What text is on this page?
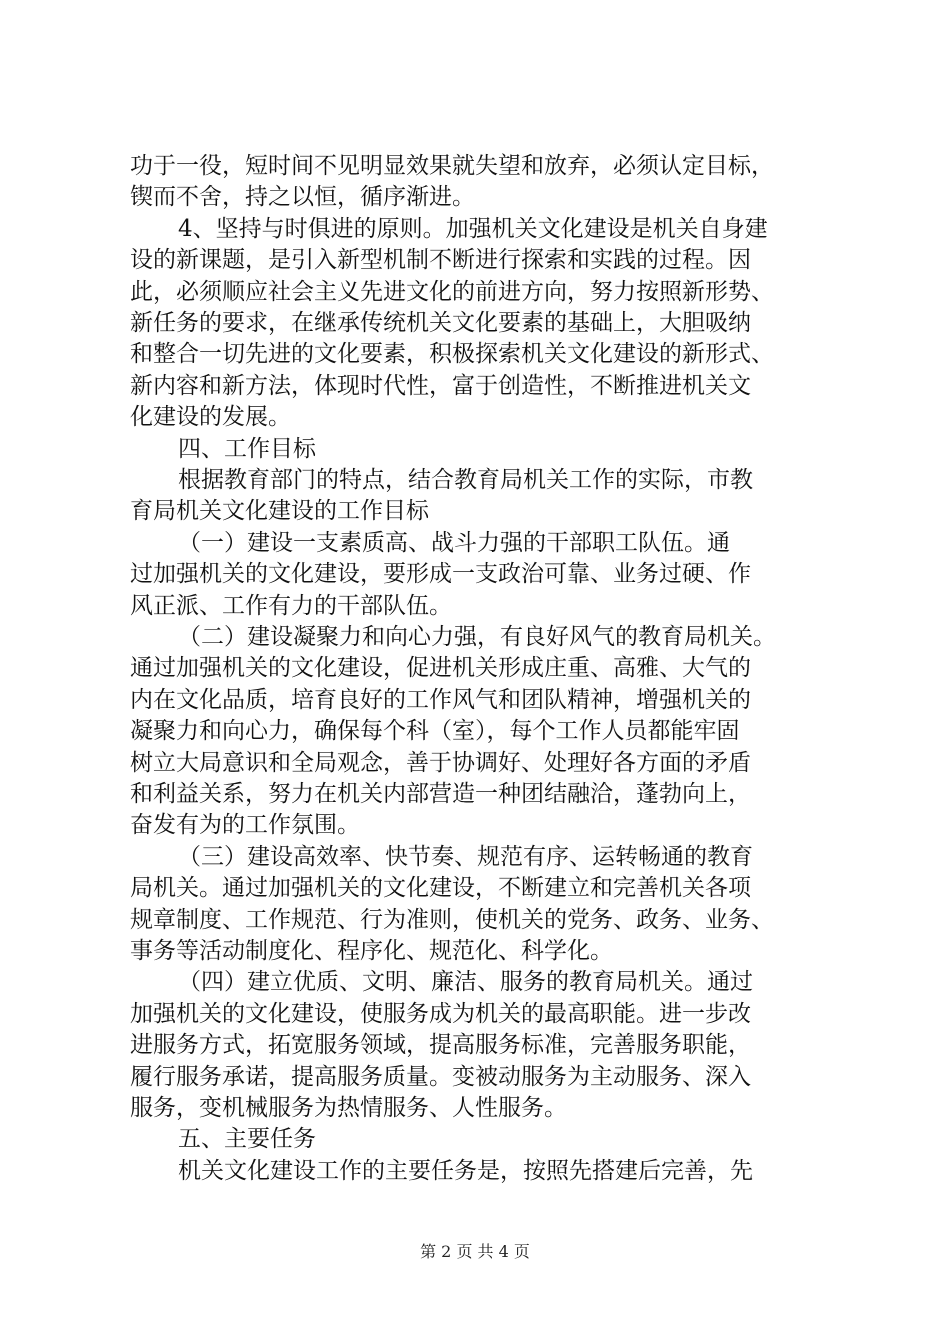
功于一役，短时间不见明显效果就失望和放弃，必须认定目标，
锲而不舍，持之以恒，循序渐进。
4、坚持与时俱进的原则。加强机关文化建设是机关自身建
设的新课题，是引入新型机制不断进行探索和实践的过程。因
此，必须顺应社会主义先进文化的前进方向，努力按照新形势、
新任务的要求，在继承传统机关文化要素的基础上，大胆吸纳
和整合一切先进的文化要素，积极探索机关文化建设的新形式、
新内容和新方法，体现时代性，富于创造性，不断推进机关文
化建设的发展。
四、工作目标
根据教育部门的特点，结合教育局机关工作的实际，市教
育局机关文化建设的工作目标
（一）建设一支素质高、战斗力强的干部职工队伍。通
过加强机关的文化建设，要形成一支政治可靠、业务过硬、作
风正派、工作有力的干部队伍。
（二）建设凝聚力和向心力强，有良好风气的教育局机关。
通过加强机关的文化建设，促进机关形成庄重、高雅、大气的
内在文化品质，培育良好的工作风气和团队精神，增强机关的
凝聚力和向心力，确保每个科（室），每个工作人员都能牢固
树立大局意识和全局观念，善于协调好、处理好各方面的矛盾
和利益关系，努力在机关内部营造一种团结融洽，蓬勃向上，
奋发有为的工作氛围。
（三）建设高效率、快节奏、规范有序、运转畅通的教育
局机关。通过加强机关的文化建设，不断建立和完善机关各项
规章制度、工作规范、行为准则，使机关的党务、政务、业务、
事务等活动制度化、程序化、规范化、科学化。
（四）建立优质、文明、廉洁、服务的教育局机关。通过
加强机关的文化建设，使服务成为机关的最高职能。进一步改
进服务方式，拓宽服务领域，提高服务标准，完善服务职能，
履行服务承诺，提高服务质量。变被动服务为主动服务、深入
服务，变机械服务为热情服务、人性服务。
五、主要任务
机关文化建设工作的主要任务是，按照先搭建后完善，先
第 2 页 共 4 页
